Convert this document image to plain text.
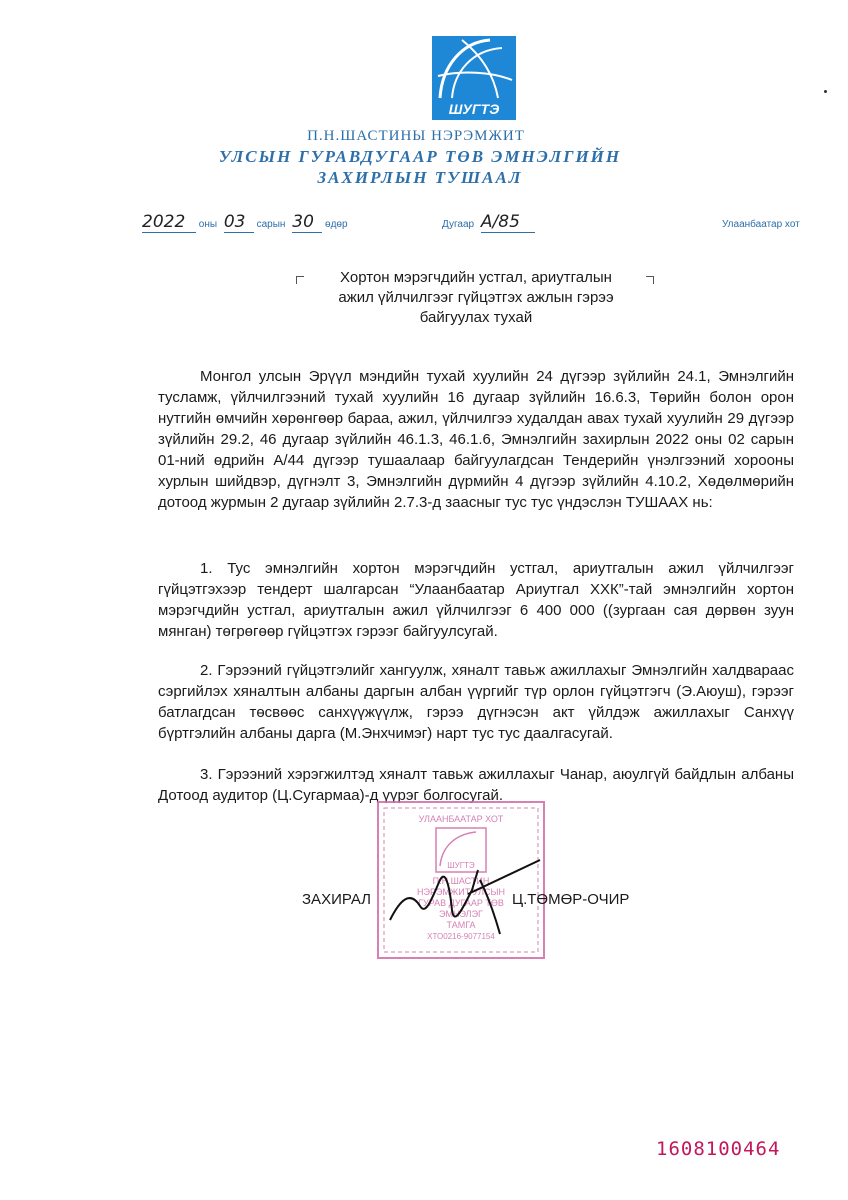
ШУГТЭ
П.Н.ШАСТИНЫ НЭРЭМЖИТ
УЛСЫН ГУРАВДУГААР ТӨВ ЭМНЭЛГИЙН
ЗАХИРЛЫН ТУШААЛ
2022 оны 03 сарын 30 өдөр	Дугаар A/85	Улаанбаатар хот
Хортон мэрэгчдийн устгал, ариутгалын
ажил үйлчилгээг гүйцэтгэх ажлын гэрээ
байгуулах тухай
Монгол улсын Эрүүл мэндийн тухай хуулийн 24 дүгээр зүйлийн 24.1, Эмнэлгийн тусламж, үйлчилгээний тухай хуулийн 16 дугаар зүйлийн 16.6.3, Төрийн болон орон нутгийн өмчийн хөрөнгөөр бараа, ажил, үйлчилгээ худалдан авах тухай хуулийн 29 дүгээр зүйлийн 29.2, 46 дугаар зүйлийн 46.1.3, 46.1.6, Эмнэлгийн захирлын 2022 оны 02 сарын 01-ний өдрийн А/44 дүгээр тушаалаар байгуулагдсан Тендерийн үнэлгээний хорооны хурлын шийдвэр, дүгнэлт 3, Эмнэлгийн дүрмийн 4 дүгээр зүйлийн 4.10.2, Хөдөлмөрийн дотоод журмын 2 дугаар зүйлийн 2.7.3-д заасныг тус тус үндэслэн ТУШААХ нь:
1. Тус эмнэлгийн хортон мэрэгчдийн устгал, ариутгалын ажил үйлчилгээг гүйцэтгэхээр тендерт шалгарсан “Улаанбаатар Ариутгал ХХК”-тай эмнэлгийн хортон мэрэгчдийн устгал, ариутгалын ажил үйлчилгээг 6 400 000 ((зургаан сая дөрвөн зуун мянган) төгрөгөөр гүйцэтгэх гэрээг байгуулсугай.
2. Гэрээний гүйцэтгэлийг хангуулж, хяналт тавьж ажиллахыг Эмнэлгийн халдвараас сэргийлэх хяналтын албаны даргын албан үүргийг түр орлон гүйцэтгэгч (Э.Аюуш), гэрээг батлагдсан төсвөөс санхүүжүүлж, гэрээ дүгнэсэн акт үйлдэж ажиллахыг Санхүү бүртгэлийн албаны дарга (М.Энхчимэг) нарт тус тус даалгасугай.
3. Гэрээний хэрэгжилтэд хяналт тавьж ажиллахыг Чанар, аюулгүй байдлын албаны Дотоод аудитор (Ц.Сугармаа)-д үүрэг болгосугай.
УЛААНБААТАР ХОТ
ШУГТЭ
П.Н.ШАСТИН
НЭРЭМЖИТ УЛСЫН
ГУРАВ ДУГААР ТӨВ
ЭМНЭЛЭГ
ТАМГА
ХТО0216-9077154
ЗАХИРАЛ	Ц.ТӨМӨР-ОЧИР
1608100464
